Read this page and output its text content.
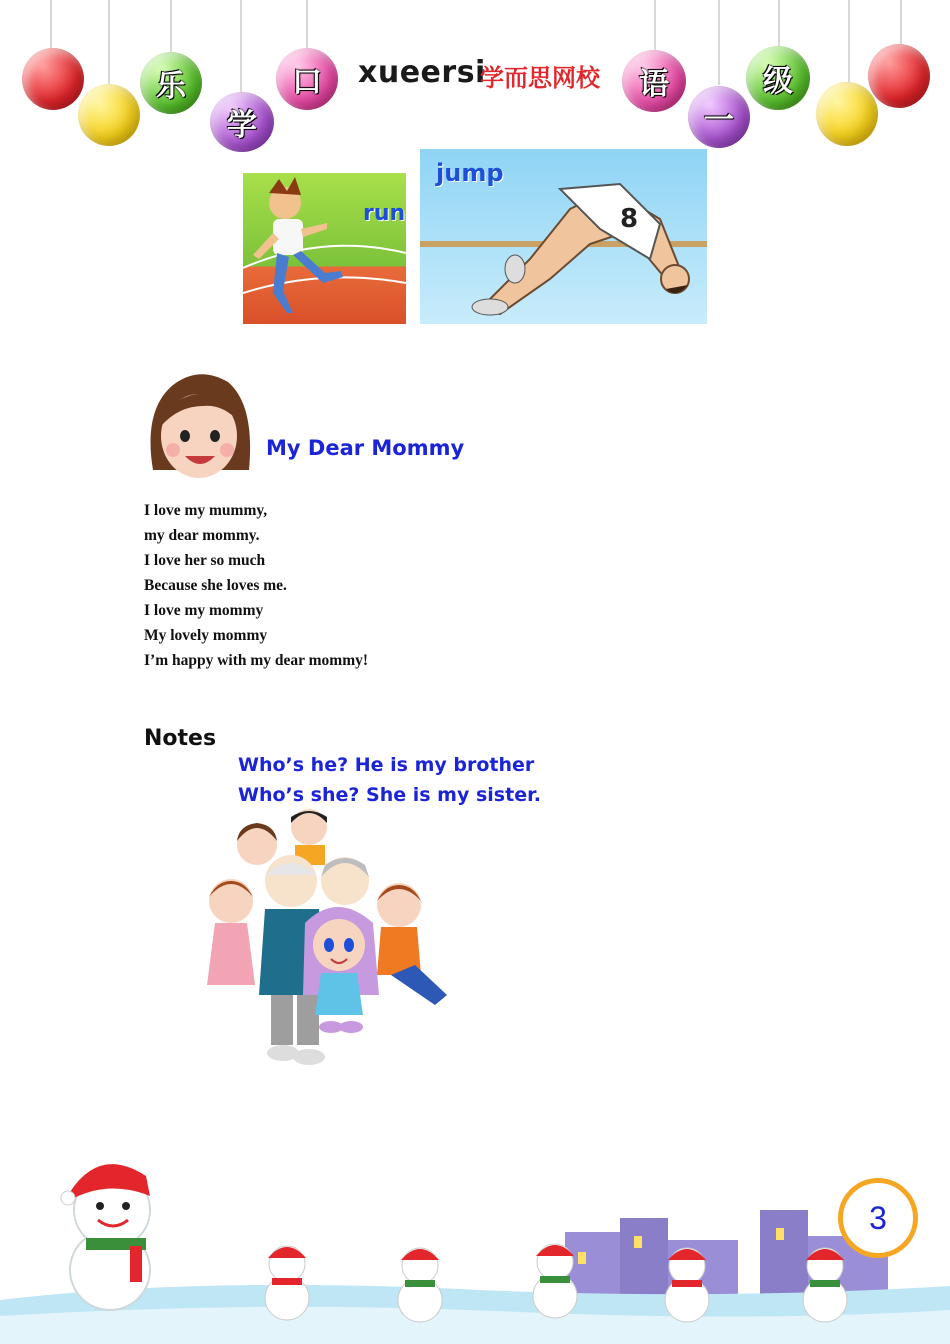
乐
学
口 xueersi
学而思网校 语
一
级
run	8
jump
My Dear Mommy
I love my mummy,
my dear mommy.
I love her so much
Because she loves me.
I love my mommy
My lovely mommy
I’m happy with my dear mommy!
Notes
Who’s he? He is my brother
Who’s she? She is my sister.
3
